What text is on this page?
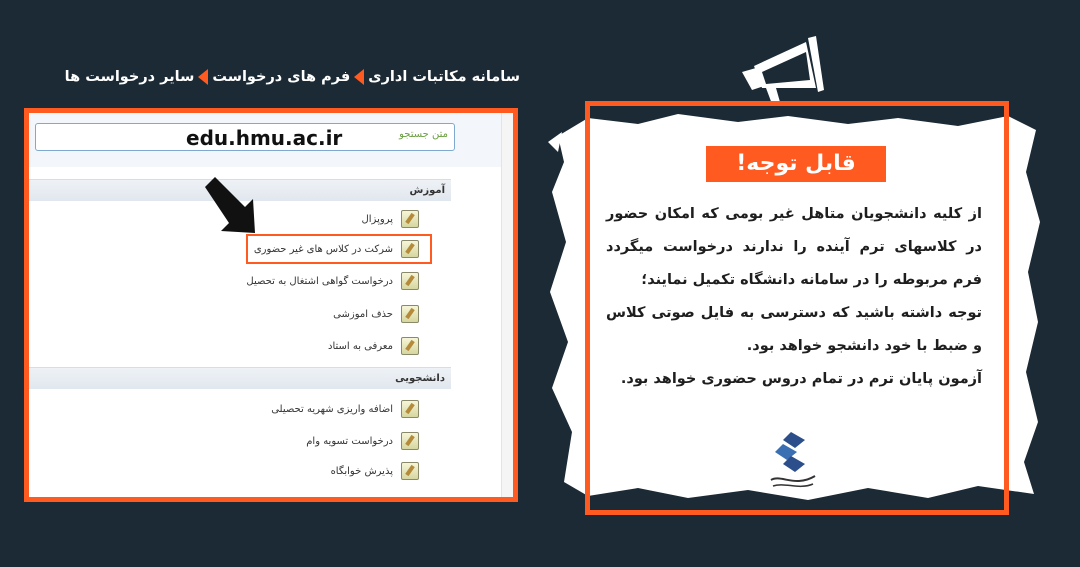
سامانه مکاتبات اداری
فرم های درخواست
سایر درخواست ها
edu.hmu.ac.ir	متن جستجو
آموزش
پروپزال
شرکت در کلاس های غیر حضوری
درخواست گواهی اشتغال به تحصیل
حذف اموزشی
معرفی به استاد
دانشجویی
اضافه واریزی شهریه تحصیلی
درخواست تسویه وام
پذیرش خوابگاه
قابل توجه!

از کلیه دانشجویان متاهل غیر بومی که امکان حضور در کلاسهای ترم آینده را ندارند درخواست میگردد فرم مربوطه را در سامانه دانشگاه تکمیل نمایند؛

توجه داشته باشید که دسترسی به فایل صوتی کلاس و ضبط با خود دانشجو خواهد بود.

آزمون پایان ترم در تمام دروس حضوری خواهد بود.
